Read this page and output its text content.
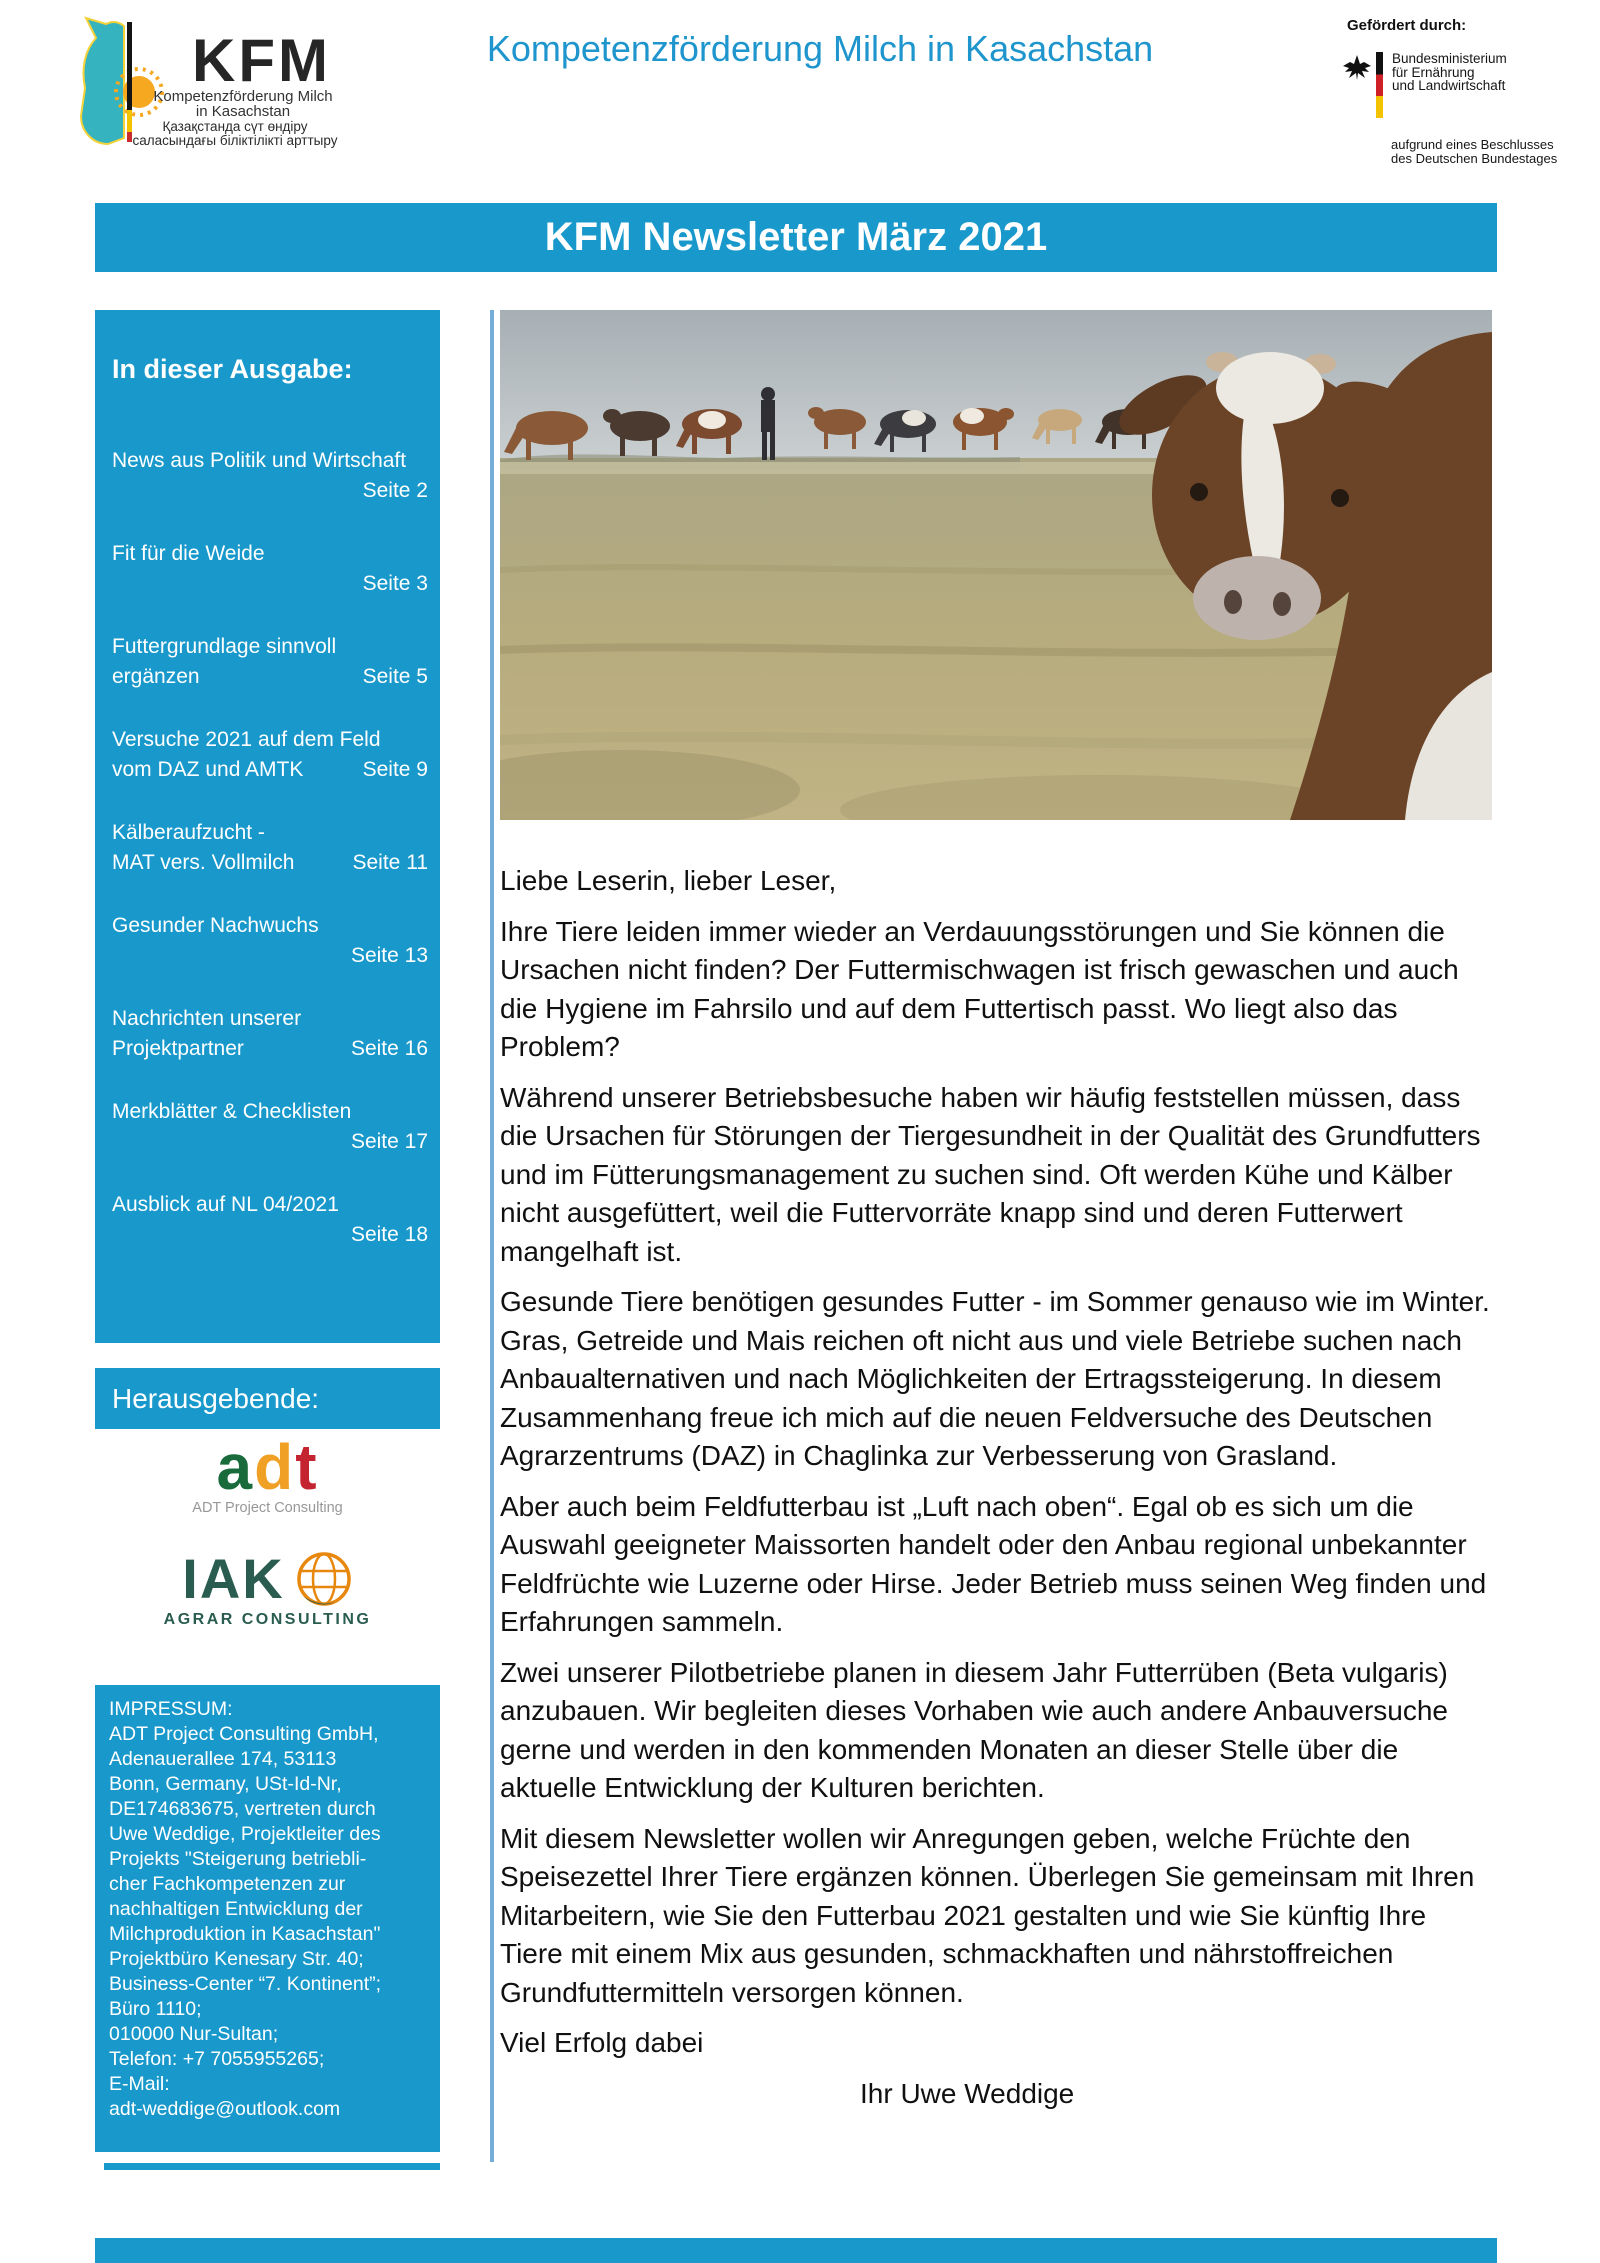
KFM
Kompetenzförderung Milch
in Kasachstan
Қазақстанда сүт өндіру
саласындағы біліктілікті арттыру
Kompetenzförderung Milch in Kasachstan
Gefördert durch:
Bundesministerium
für Ernährung
und Landwirtschaft
aufgrund eines Beschlusses
des Deutschen Bundestages
KFM Newsletter März 2021
In dieser Ausgabe:
News aus Politik und Wirtschaft
Seite 2
Fit für die Weide
Seite 3
Futtergrundlage sinnvoll
ergänzen	Seite 5
Versuche 2021 auf dem Feld
vom DAZ und AMTK	Seite 9
Kälberaufzucht -
MAT vers. Vollmilch	Seite 11
Gesunder Nachwuchs
Seite 13
Nachrichten unserer
Projektpartner	Seite 16
Merkblätter & Checklisten
Seite 17
Ausblick auf NL 04/2021
Seite 18
Herausgebende:
adt
ADT Project Consulting
IAK
AGRAR CONSULTING
IMPRESSUM:
ADT Project Consulting GmbH,
Adenauerallee 174, 53113
Bonn, Germany, USt-Id-Nr,
DE174683675, vertreten durch
Uwe Weddige, Projektleiter des
Projekts "Steigerung betriebli-
cher Fachkompetenzen zur
nachhaltigen Entwicklung der
Milchproduktion in Kasachstan"
Projektbüro Kenesary Str. 40;
Business-Center “7. Kontinent”;
Büro 1110;
010000 Nur-Sultan;
Telefon: +7 7055955265;
E-Mail:
adt-weddige@outlook.com

Liebe Leserin, lieber Leser,

Ihre Tiere leiden immer wieder an Verdauungsstörungen und Sie können die Ursachen nicht finden? Der Futtermischwagen ist frisch gewaschen und auch die Hygiene im Fahrsilo und auf dem Futtertisch passt. Wo liegt also das Problem?

Während unserer Betriebsbesuche haben wir häufig feststellen müssen, dass die Ursachen für Störungen der Tiergesundheit in der Qualität des Grundfutters und im Fütterungsmanagement zu suchen sind. Oft werden Kühe und Kälber nicht ausgefüttert, weil die Futtervorräte knapp sind und deren Futterwert mangelhaft ist.

Gesunde Tiere benötigen gesundes Futter - im Sommer genauso wie im Winter. Gras, Getreide und Mais reichen oft nicht aus und viele Betriebe suchen nach Anbaualternativen und nach Möglichkeiten der Ertragssteigerung. In diesem Zusammenhang freue ich mich auf die neuen Feldversuche des Deutschen Agrarzentrums (DAZ) in Chaglinka zur Verbesserung von Grasland.

Aber auch beim Feldfutterbau ist „Luft nach oben“. Egal ob es sich um die Auswahl geeigneter Maissorten handelt oder den Anbau regional unbekannter Feldfrüchte wie Luzerne oder Hirse. Jeder Betrieb muss seinen Weg finden und Erfahrungen sammeln.

Zwei unserer Pilotbetriebe planen in diesem Jahr Futterrüben (Beta vulgaris) anzubauen. Wir begleiten dieses Vorhaben wie auch andere Anbauversuche gerne und werden in den kommenden Monaten an dieser Stelle über die aktuelle Entwicklung der Kulturen berichten.

Mit diesem Newsletter wollen wir Anregungen geben, welche Früchte den Speisezettel Ihrer Tiere ergänzen können. Überlegen Sie gemeinsam mit Ihren Mitarbeitern, wie Sie den Futterbau 2021 gestalten und wie Sie künftig Ihre Tiere mit einem Mix aus gesunden, schmackhaften und nährstoffreichen Grundfuttermitteln versorgen können.

Viel Erfolg dabei

Ihr Uwe Weddige
